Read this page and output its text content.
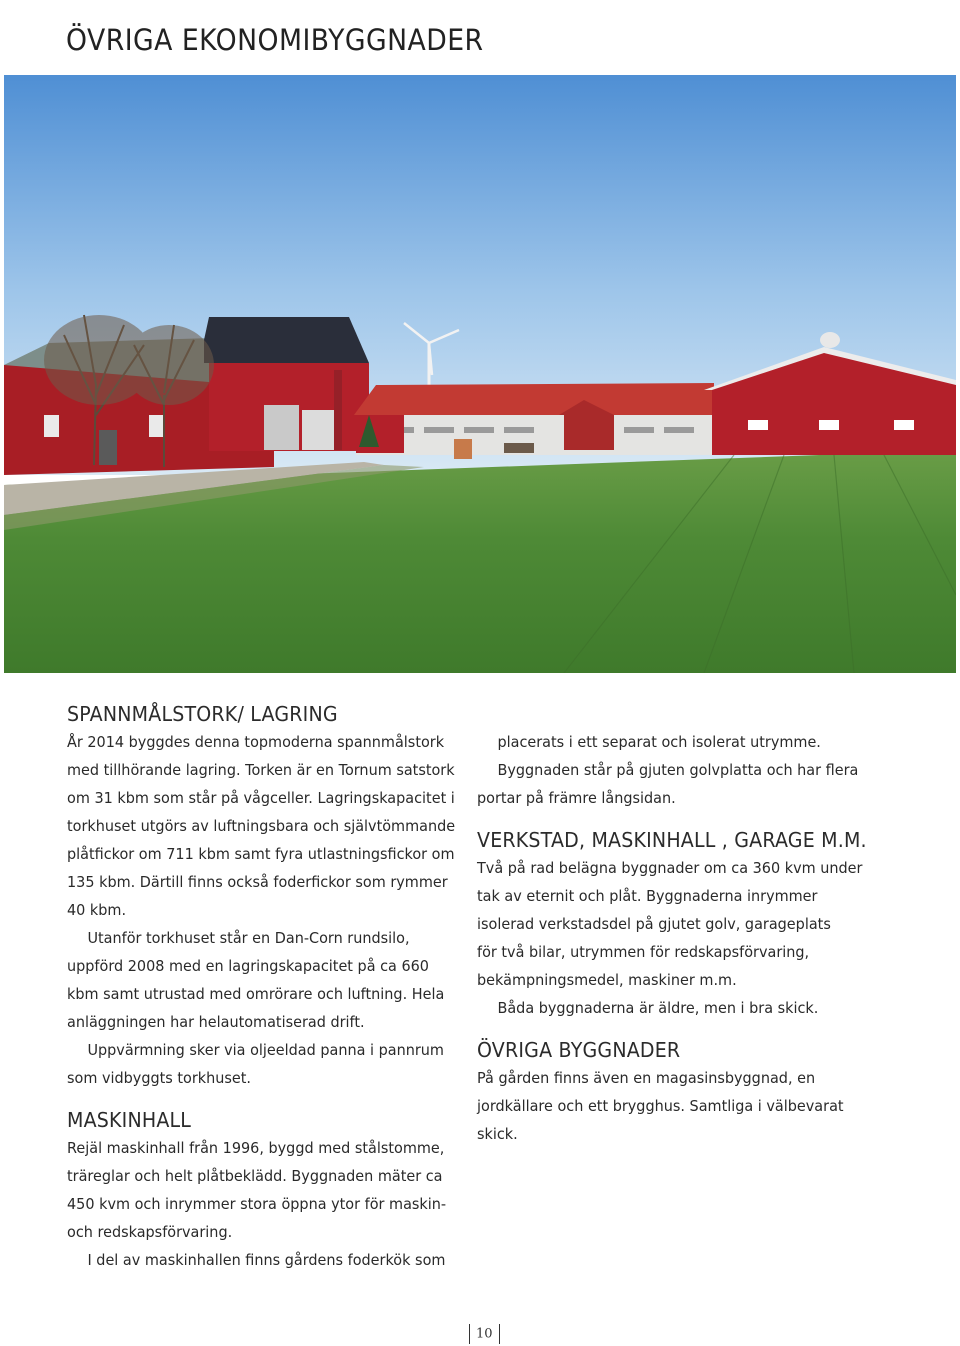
ÖVRIGA EKONOMIBYGGNADER
SPANNMÅLSTORK/ LAGRING
År 2014 byggdes denna topmoderna spannmålstork
med tillhörande lagring. Torken är en Tornum satstork
om 31 kbm som står på vågceller. Lagringskapacitet i
torkhuset utgörs av luftningsbara och självtömmande
plåtfickor om 711 kbm samt fyra utlastningsfickor om
135 kbm. Därtill finns också foderfickor som rymmer
40 kbm.
Utanför torkhuset står en Dan-Corn rundsilo,
uppförd 2008 med en lagringskapacitet på ca 660
kbm samt utrustad med omrörare och luftning. Hela
anläggningen har helautomatiserad drift.
Uppvärmning sker via oljeeldad panna i pannrum
som vidbyggts torkhuset.
MASKINHALL
Rejäl maskinhall från 1996, byggd med stålstomme,
träreglar och helt plåtbeklädd. Byggnaden mäter ca
450 kvm och inrymmer stora öppna ytor för maskin-
och redskapsförvaring.
I del av maskinhallen finns gårdens foderkök som
placerats i ett separat och isolerat utrymme.
Byggnaden står på gjuten golvplatta och har flera
portar på främre långsidan.
VERKSTAD, MASKINHALL , GARAGE M.M.
Två på rad belägna byggnader om ca 360 kvm under
tak av eternit och plåt. Byggnaderna inrymmer
isolerad verkstadsdel på gjutet golv, garageplats
för två bilar, utrymmen för redskapsförvaring,
bekämpningsmedel, maskiner m.m.
Båda byggnaderna är äldre, men i bra skick.
ÖVRIGA BYGGNADER
På gården finns även en magasinsbyggnad, en
jordkällare och ett brygghus. Samtliga i välbevarat
skick.
10
